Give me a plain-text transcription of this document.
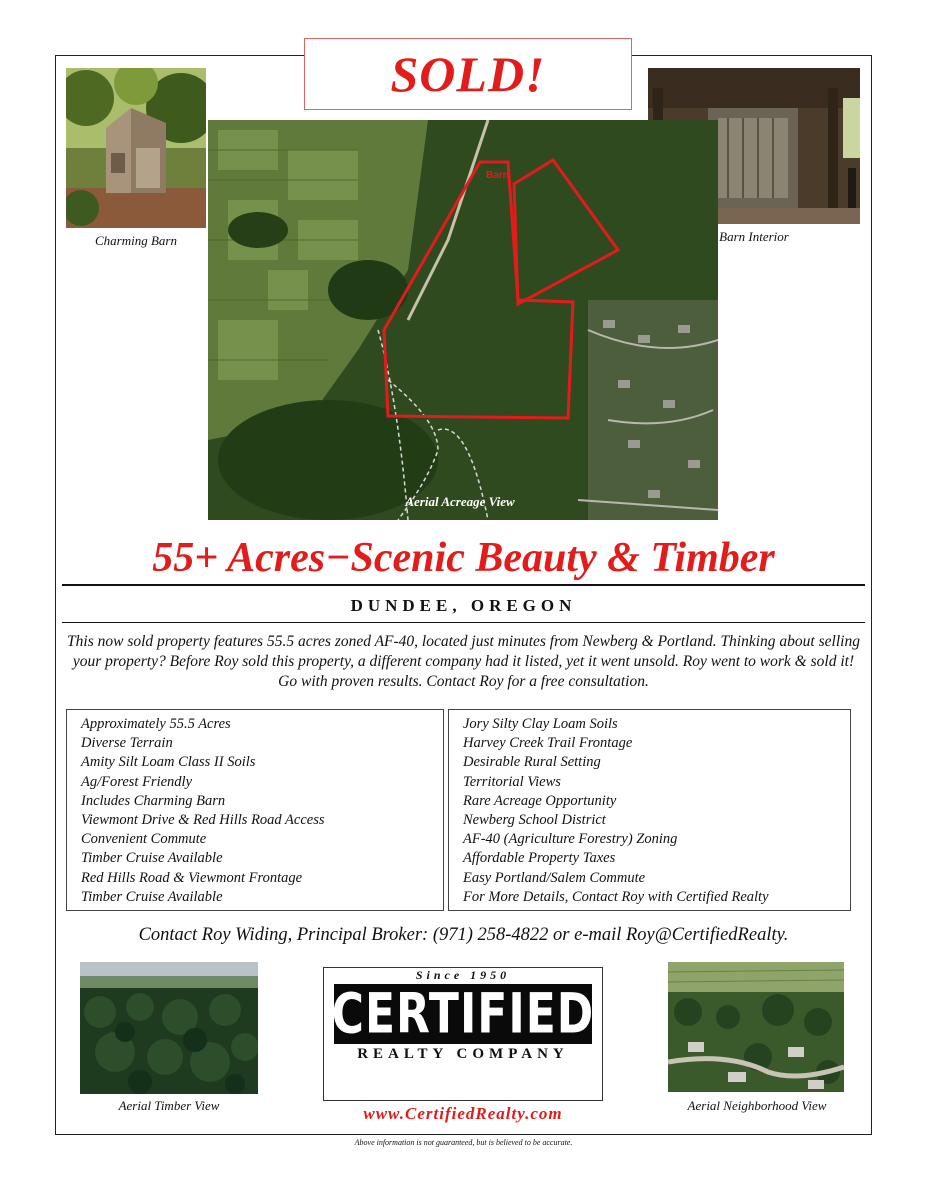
SOLD!
Charming Barn	Barn Interior
Barn
Aerial Acreage View
55+ Acres−Scenic Beauty & Timber
DUNDEE, OREGON
This now sold property features 55.5 acres zoned AF-40, located just minutes from Newberg & Portland. Thinking about selling your property? Before Roy sold this property, a different company had it listed, yet it went unsold. Roy went to work & sold it! Go with proven results. Contact Roy for a free consultation.
Approximately 55.5 Acres
Diverse Terrain
Amity Silt Loam Class II Soils
Ag/Forest Friendly
Includes Charming Barn
Viewmont Drive & Red Hills Road Access
Convenient Commute
Timber Cruise Available
Red Hills Road & Viewmont Frontage
Timber Cruise Available
Jory Silty Clay Loam Soils
Harvey Creek Trail Frontage
Desirable Rural Setting
Territorial Views
Rare Acreage Opportunity
Newberg School District
AF-40 (Agriculture Forestry) Zoning
Affordable Property Taxes
Easy Portland/Salem Commute
For More Details, Contact Roy with Certified Realty
Contact Roy Widing, Principal Broker: (971) 258-4822 or e-mail Roy@CertifiedRealty.
Aerial Timber View
Since 1950
CERTIFIED
REALTY COMPANY
www.CertifiedRealty.com	Aerial Neighborhood View
Above information is not guaranteed, but is believed to be accurate.
